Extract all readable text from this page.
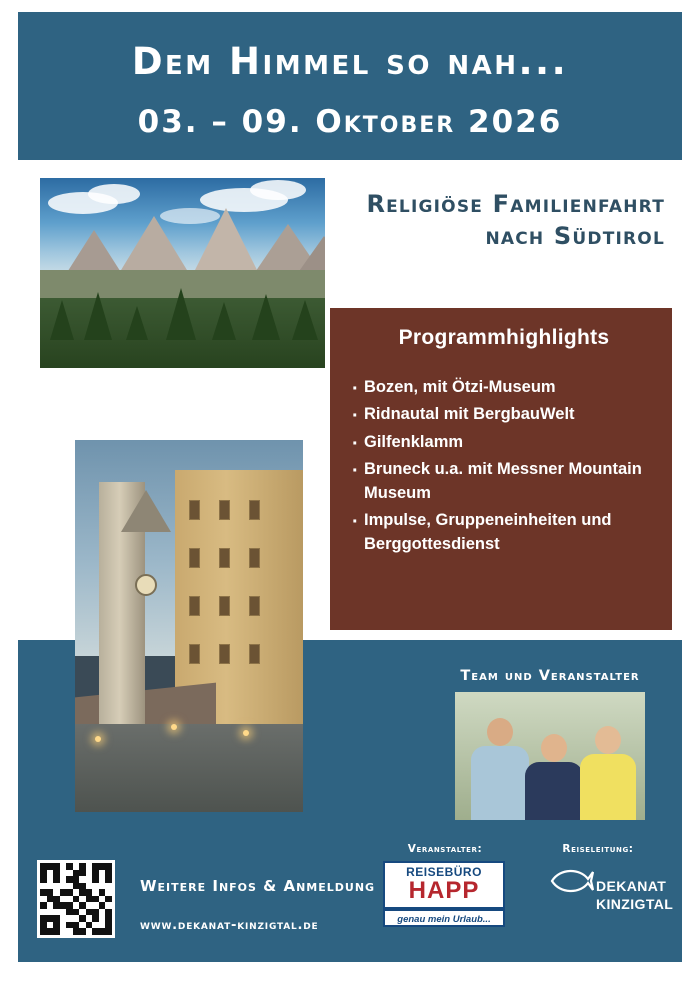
Dem Himmel so nah...
03. – 09. Oktober 2026
Religiöse Familienfahrt nach Südtirol
Programmhighlights
· Bozen, mit Ötzi-Museum
· Ridnautal mit BergbauWelt
· Gilfenklamm
· Bruneck u.a. mit Messner Mountain Museum
· Impulse, Gruppeneinheiten und Berggottesdienst
Team und Veranstalter
Weitere Infos & Anmeldung
www.dekanat-kinzigtal.de
Veranstalter:
REISEBÜRO
HAPP
genau mein Urlaub...
Reiseleitung:
DEKANAT
KINZIGTAL
